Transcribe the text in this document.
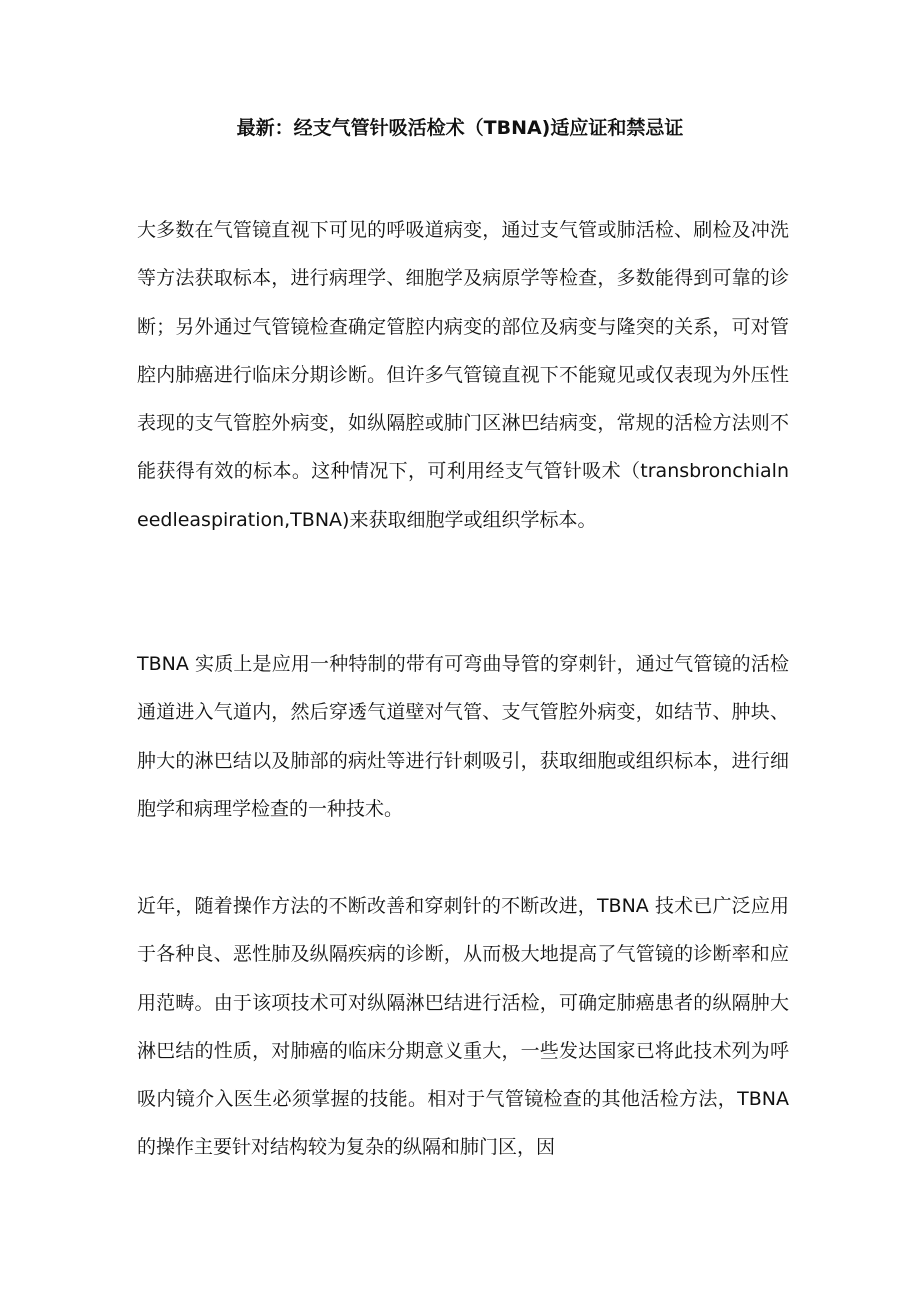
最新：经支气管针吸活检术（TBNA)适应证和禁忌证

大多数在气管镜直视下可见的呼吸道病变，通过支气管或肺活检、刷检及冲洗等方法获取标本，进行病理学、细胞学及病原学等检查，多数能得到可靠的诊断；另外通过气管镜检查确定管腔内病变的部位及病变与隆突的关系，可对管腔内肺癌进行临床分期诊断。但许多气管镜直视下不能窥见或仅表现为外压性表现的支气管腔外病变，如纵隔腔或肺门区淋巴结病变，常规的活检方法则不能获得有效的标本。这种情况下，可利用经支气管针吸术（transbronchialneedleaspiration,TBNA)来获取细胞学或组织学标本。

TBNA 实质上是应用一种特制的带有可弯曲导管的穿刺针，通过气管镜的活检通道进入气道内，然后穿透气道壁对气管、支气管腔外病变，如结节、肿块、肿大的淋巴结以及肺部的病灶等进行针刺吸引，获取细胞或组织标本，进行细胞学和病理学检查的一种技术。

近年，随着操作方法的不断改善和穿刺针的不断改进，TBNA 技术已广泛应用于各种良、恶性肺及纵隔疾病的诊断，从而极大地提高了气管镜的诊断率和应用范畴。由于该项技术可对纵隔淋巴结进行活检，可确定肺癌患者的纵隔肿大淋巴结的性质，对肺癌的临床分期意义重大，一些发达国家已将此技术列为呼吸内镜介入医生必须掌握的技能。相对于气管镜检查的其他活检方法，TBNA 的操作主要针对结构较为复杂的纵隔和肺门区，因
